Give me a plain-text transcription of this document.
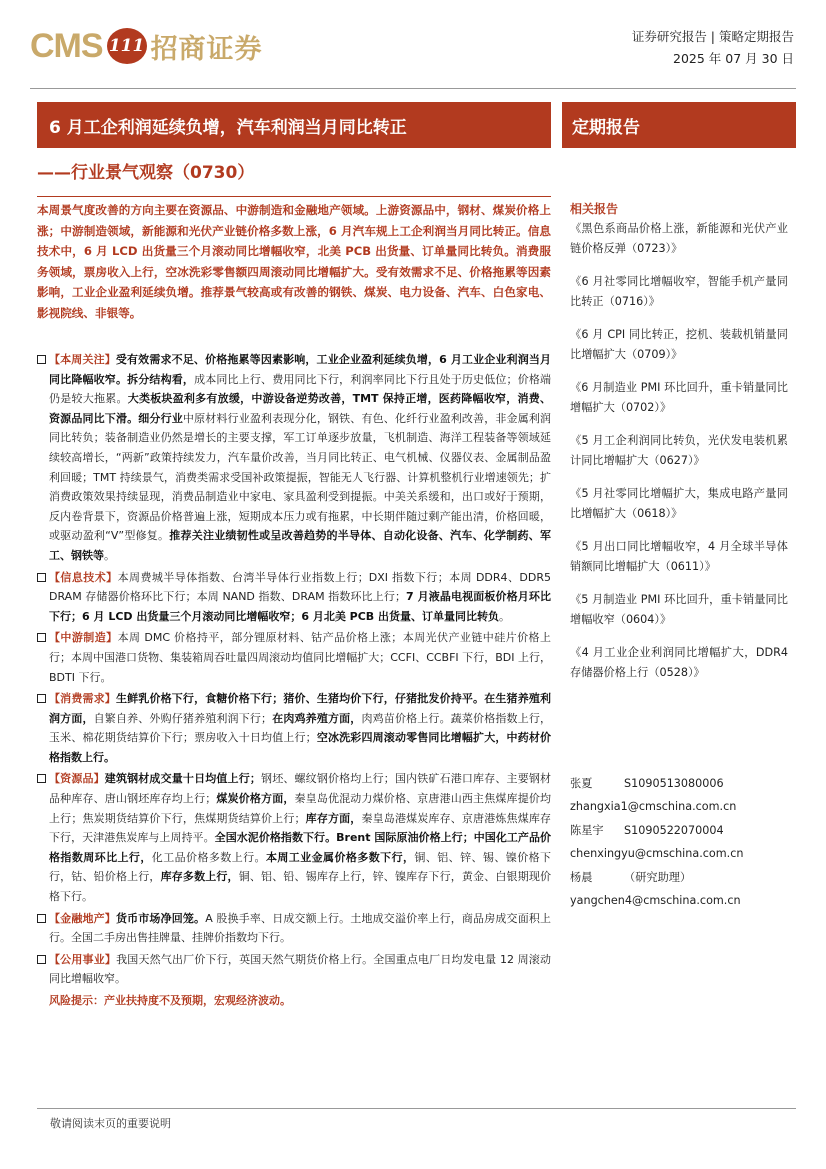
CMS 111 招商证券	证券研究报告 | 策略定期报告
2025 年 07 月 30 日
6 月工企利润延续负增，汽车利润当月同比转正	定期报告
——行业景气观察（0730）
本周景气度改善的方向主要在资源品、中游制造和金融地产领域。上游资源品中，钢材、煤炭价格上涨；中游制造领域，新能源和光伏产业链价格多数上涨，6 月汽车规上工企利润当月同比转正。信息技术中，6 月 LCD 出货量三个月滚动同比增幅收窄，北美 PCB 出货量、订单量同比转负。消费服务领域，票房收入上行，空冰洗彩零售额四周滚动同比增幅扩大。受有效需求不足、价格拖累等因素影响，工业企业盈利延续负增。推荐景气较高或有改善的钢铁、煤炭、电力设备、汽车、白色家电、影视院线、非银等。
【本周关注】受有效需求不足、价格拖累等因素影响，工业企业盈利延续负增，6 月工业企业利润当月同比降幅收窄。拆分结构看，成本同比上行、费用同比下行，利润率同比下行且处于历史低位；价格端仍是较大拖累。大类板块盈利多有放缓，中游设备逆势改善，TMT 保持正增，医药降幅收窄，消费、资源品同比下滑。细分行业中原材料行业盈利表现分化，钢铁、有色、化纤行业盈利改善，非金属利润同比转负；装备制造业仍然是增长的主要支撑，军工订单逐步放量，飞机制造、海洋工程装备等领域延续较高增长，“两新”政策持续发力，汽车量价改善，当月同比转正、电气机械、仪器仪表、金属制品盈利回暖；TMT 持续景气，消费类需求受国补政策提振，智能无人飞行器、计算机整机行业增速领先；扩消费政策效果持续显现，消费品制造业中家电、家具盈利受到提振。中美关系缓和，出口或好于预期，反内卷背景下，资源品价格普遍上涨，短期成本压力或有拖累，中长期伴随过剩产能出清，价格回暖，或驱动盈利“V”型修复。推荐关注业绩韧性或呈改善趋势的半导体、自动化设备、汽车、化学制药、军工、钢铁等。
【信息技术】本周费城半导体指数、台湾半导体行业指数上行；DXI 指数下行；本周 DDR4、DDR5 DRAM 存储器价格环比下行；本周 NAND 指数、DRAM 指数环比上行；7 月液晶电视面板价格月环比下行；6 月 LCD 出货量三个月滚动同比增幅收窄；6 月北美 PCB 出货量、订单量同比转负。
【中游制造】本周 DMC 价格持平，部分锂原材料、钴产品价格上涨；本周光伏产业链中硅片价格上行；本周中国港口货物、集装箱周吞吐量四周滚动均值同比增幅扩大；CCFI、CCBFI 下行，BDI 上行，BDTI 下行。
【消费需求】生鲜乳价格下行，食糖价格下行；猪价、生猪均价下行，仔猪批发价持平。在生猪养殖利润方面，自繁自养、外购仔猪养殖利润下行；在肉鸡养殖方面，肉鸡苗价格上行。蔬菜价格指数上行，玉米、棉花期货结算价下行；票房收入十日均值上行；空冰洗彩四周滚动零售同比增幅扩大，中药材价格指数上行。
【资源品】建筑钢材成交量十日均值上行；钢坯、螺纹钢价格均上行；国内铁矿石港口库存、主要钢材品种库存、唐山钢坯库存均上行；煤炭价格方面，秦皇岛优混动力煤价格、京唐港山西主焦煤库提价均上行；焦炭期货结算价下行，焦煤期货结算价上行；库存方面，秦皇岛港煤炭库存、京唐港炼焦煤库存下行，天津港焦炭库与上周持平。全国水泥价格指数下行。Brent 国际原油价格上行；中国化工产品价格指数周环比上行，化工品价格多数上行。本周工业金属价格多数下行，铜、铝、锌、锡、镍价格下行，钴、铅价格上行，库存多数上行，铜、铝、铅、锡库存上行，锌、镍库存下行，黄金、白银期现价格下行。
【金融地产】货币市场净回笼。A 股换手率、日成交额上行。土地成交溢价率上行，商品房成交面积上行。全国二手房出售挂牌量、挂牌价指数均下行。
【公用事业】我国天然气出厂价下行，英国天然气期货价格上行。全国重点电厂日均发电量 12 周滚动同比增幅收窄。
风险提示：产业扶持度不及预期，宏观经济波动。
相关报告
《黑色系商品价格上涨，新能源和光伏产业链价格反弹（0723）》
《6 月社零同比增幅收窄，智能手机产量同比转正（0716）》
《6 月 CPI 同比转正，挖机、装载机销量同比增幅扩大（0709）》
《6 月制造业 PMI 环比回升，重卡销量同比增幅扩大（0702）》
《5 月工企利润同比转负，光伏发电装机累计同比增幅扩大（0627）》
《5 月社零同比增幅扩大，集成电路产量同比增幅扩大（0618）》
《5 月出口同比增幅收窄，4 月全球半导体销额同比增幅扩大（0611）》
《5 月制造业 PMI 环比回升，重卡销量同比增幅收窄（0604）》
《4 月工业企业利润同比增幅扩大，DDR4 存储器价格上行（0528）》
张夏	S1090513080006
zhangxia1@cmschina.com.cn
陈星宇	S1090522070004
chenxingyu@cmschina.com.cn
杨晨	（研究助理）
yangchen4@cmschina.com.cn
敬请阅读末页的重要说明
